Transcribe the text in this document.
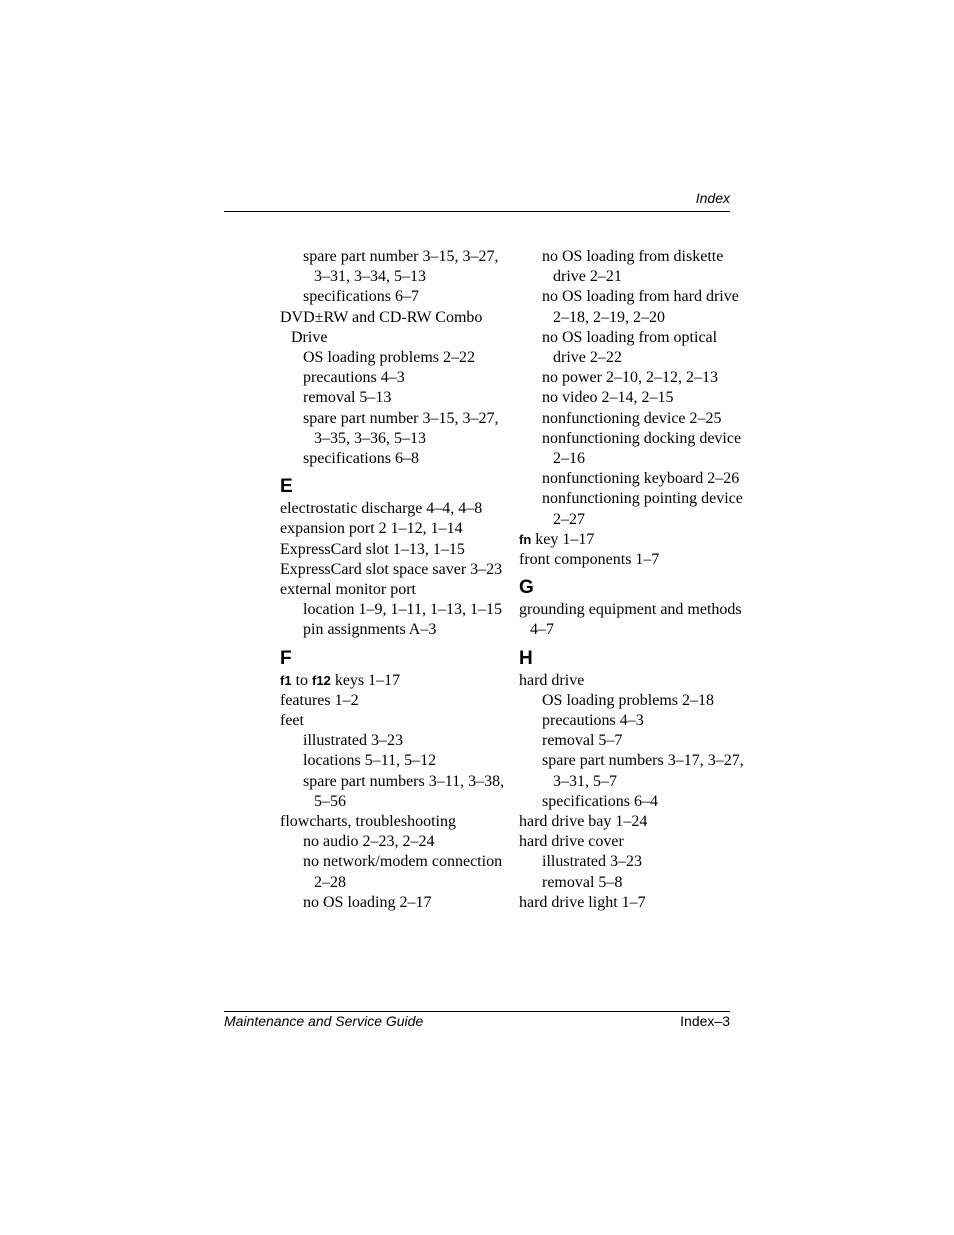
Index

spare part number 3–15, 3–27, 3–31, 3–34, 5–13

specifications 6–7

DVD±RW and CD-RW Combo Drive

OS loading problems 2–22

precautions 4–3

removal 5–13

spare part number 3–15, 3–27, 3–35, 3–36, 5–13

specifications 6–8

E

electrostatic discharge 4–4, 4–8

expansion port 2 1–12, 1–14

ExpressCard slot 1–13, 1–15

ExpressCard slot space saver 3–23

external monitor port

location 1–9, 1–11, 1–13, 1–15

pin assignments A–3

F

f1 to f12 keys 1–17

features 1–2

feet

illustrated 3–23

locations 5–11, 5–12

spare part numbers 3–11, 3–38, 5–56

flowcharts, troubleshooting

no audio 2–23, 2–24

no network/modem connection 2–28

no OS loading 2–17

no OS loading from diskette drive 2–21

no OS loading from hard drive 2–18, 2–19, 2–20

no OS loading from optical drive 2–22

no power 2–10, 2–12, 2–13

no video 2–14, 2–15

nonfunctioning device 2–25

nonfunctioning docking device 2–16

nonfunctioning keyboard 2–26

nonfunctioning pointing device 2–27

fn key 1–17

front components 1–7

G

grounding equipment and methods 4–7

H

hard drive

OS loading problems 2–18

precautions 4–3

removal 5–7

spare part numbers 3–17, 3–27, 3–31, 5–7

specifications 6–4

hard drive bay 1–24

hard drive cover

illustrated 3–23

removal 5–8

hard drive light 1–7

Maintenance and Service Guide	Index–3
